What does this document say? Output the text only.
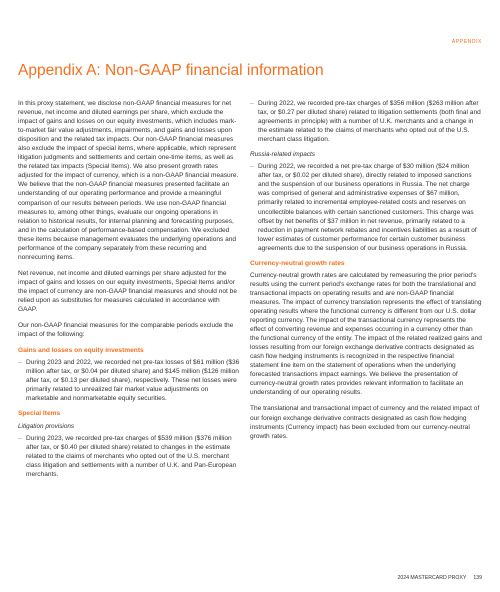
APPENDIX
Appendix A: Non-GAAP financial information

In this proxy statement, we disclose non-GAAP financial measures for net revenue, net income and diluted earnings per share, which exclude the impact of gains and losses on our equity investments, which includes mark-to-market fair value adjustments, impairments, and gains and losses upon disposition and the related tax impacts. Our non-GAAP financial measures also exclude the impact of special items, where applicable, which represent litigation judgments and settlements and certain one-time items, as well as the related tax impacts (Special Items). We also present growth rates adjusted for the impact of currency, which is a non-GAAP financial measure. We believe that the non-GAAP financial measures presented facilitate an understanding of our operating performance and provide a meaningful comparison of our results between periods. We use non-GAAP financial measures to, among other things, evaluate our ongoing operations in relation to historical results, for internal planning and forecasting purposes, and in the calculation of performance-based compensation. We excluded these items because management evaluates the underlying operations and performance of the company separately from these recurring and nonrecurring items.

Net revenue, net income and diluted earnings per share adjusted for the impact of gains and losses on our equity investments, Special Items and/or the impact of currency are non-GAAP financial measures and should not be relied upon as substitutes for measures calculated in accordance with GAAP.

Our non-GAAP financial measures for the comparable periods exclude the impact of the following:

Gains and losses on equity investments
– During 2023 and 2022, we recorded net pre-tax losses of $61 million ($36 million after tax, or $0.04 per diluted share) and $145 million ($126 million after tax, or $0.13 per diluted share), respectively. These net losses were primarily related to unrealized fair market value adjustments on marketable and nonmarketable equity securities.
Special Items
Litigation provisions
– During 2023, we recorded pre-tax charges of $539 million ($376 million after tax, or $0.40 per diluted share) related to changes in the estimate related to the claims of merchants who opted out of the U.S. merchant class litigation and settlements with a number of U.K. and Pan-European merchants.
– During 2022, we recorded pre-tax charges of $356 million ($263 million after tax, or $0.27 per diluted share) related to litigation settlements (both final and agreements in principle) with a number of U.K. merchants and a change in the estimate related to the claims of merchants who opted out of the U.S. merchant class litigation.
Russia-related impacts
– During 2022, we recorded a net pre-tax charge of $30 million ($24 million after tax, or $0.02 per diluted share), directly related to imposed sanctions and the suspension of our business operations in Russia. The net charge was comprised of general and administrative expenses of $67 million, primarily related to incremental employee-related costs and reserves on uncollectible balances with certain sanctioned customers. This charge was offset by net benefits of $37 million in net revenue, primarily related to a reduction in payment network rebates and incentives liabilities as a result of lower estimates of customer performance for certain customer business agreements due to the suspension of our business operations in Russia.
Currency-neutral growth rates

Currency-neutral growth rates are calculated by remeasuring the prior period's results using the current period's exchange rates for both the translational and transactional impacts on operating results and are non-GAAP financial measures. The impact of currency translation represents the effect of translating operating results where the functional currency is different from our U.S. dollar reporting currency. The impact of the transactional currency represents the effect of converting revenue and expenses occurring in a currency other than the functional currency of the entity. The impact of the related realized gains and losses resulting from our foreign exchange derivative contracts designated as cash flow hedging instruments is recognized in the respective financial statement line item on the statement of operations when the underlying forecasted transactions impact earnings. We believe the presentation of currency-neutral growth rates provides relevant information to facilitate an understanding of our operating results.

The translational and transactional impact of currency and the related impact of our foreign exchange derivative contracts designated as cash flow hedging instruments (Currency impact) has been excluded from our currency-neutral growth rates.

2024 MASTERCARD PROXY 139
